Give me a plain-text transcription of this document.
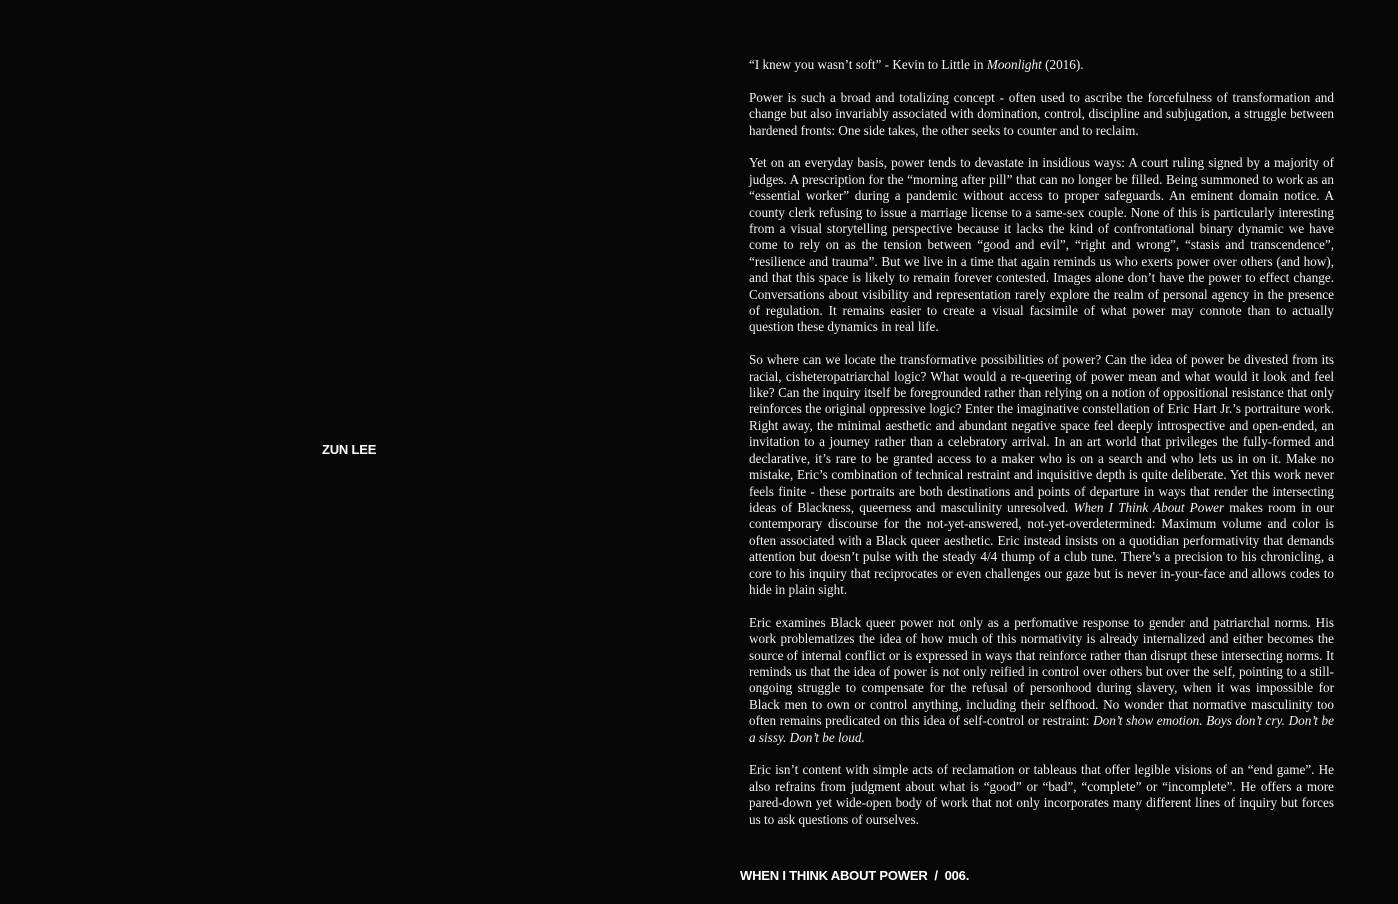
ZUN LEE

“I knew you wasn’t soft” - Kevin to Little in Moonlight (2016).

Power is such a broad and totalizing concept - often used to ascribe the forcefulness of transformation and change but also invariably associated with domination, control, discipline and subjugation, a struggle between hardened fronts: One side takes, the other seeks to counter and to reclaim.

Yet on an everyday basis, power tends to devastate in insidious ways: A court ruling signed by a majority of judges. A prescription for the “morning after pill” that can no longer be filled. Being summoned to work as an “essential worker” during a pandemic without access to proper safeguards. An eminent domain notice. A county clerk refusing to issue a marriage license to a same-sex couple. None of this is particularly interesting from a visual storytelling perspective because it lacks the kind of confrontational binary dynamic we have come to rely on as the tension between “good and evil”, “right and wrong”, “stasis and transcendence”, “resilience and trauma”. But we live in a time that again reminds us who exerts power over others (and how), and that this space is likely to remain forever contested. Images alone don’t have the power to effect change. Conversations about visibility and representation rarely explore the realm of personal agency in the presence of regulation. It remains easier to create a visual facsimile of what power may connote than to actually question these dynamics in real life.

So where can we locate the transformative possibilities of power? Can the idea of power be divested from its racial, cisheteropatriarchal logic? What would a re-queering of power mean and what would it look and feel like? Can the inquiry itself be foregrounded rather than relying on a notion of oppositional resistance that only reinforces the original oppressive logic? Enter the imaginative constellation of Eric Hart Jr.’s portraiture work. Right away, the minimal aesthetic and abundant negative space feel deeply introspective and open-ended, an invitation to a journey rather than a celebratory arrival. In an art world that privileges the fully-formed and declarative, it’s rare to be granted access to a maker who is on a search and who lets us in on it. Make no mistake, Eric’s combination of technical restraint and inquisitive depth is quite deliberate. Yet this work never feels finite - these portraits are both destinations and points of departure in ways that render the intersecting ideas of Blackness, queerness and masculinity unresolved. When I Think About Power makes room in our contemporary discourse for the not-yet-answered, not-yet-overdetermined: Maximum volume and color is often associated with a Black queer aesthetic. Eric instead insists on a quotidian performativity that demands attention but doesn’t pulse with the steady 4/4 thump of a club tune. There’s a precision to his chronicling, a core to his inquiry that reciprocates or even challenges our gaze but is never in-your-face and allows codes to hide in plain sight.

Eric examines Black queer power not only as a perfomative response to gender and patriarchal norms. His work problematizes the idea of how much of this normativity is already internalized and either becomes the source of internal conflict or is expressed in ways that reinforce rather than disrupt these intersecting norms. It reminds us that the idea of power is not only reified in control over others but over the self, pointing to a still-ongoing struggle to compensate for the refusal of personhood during slavery, when it was impossible for Black men to own or control anything, including their selfhood. No wonder that normative masculinity too often remains predicated on this idea of self-control or restraint: Don’t show emotion. Boys don’t cry. Don’t be a sissy. Don’t be loud.

Eric isn’t content with simple acts of reclamation or tableaus that offer legible visions of an “end game”. He also refrains from judgment about what is “good” or “bad”, “complete” or “incomplete”. He offers a more pared-down yet wide-open body of work that not only incorporates many different lines of inquiry but forces us to ask questions of ourselves.

WHEN I THINK ABOUT POWER  /  006.
